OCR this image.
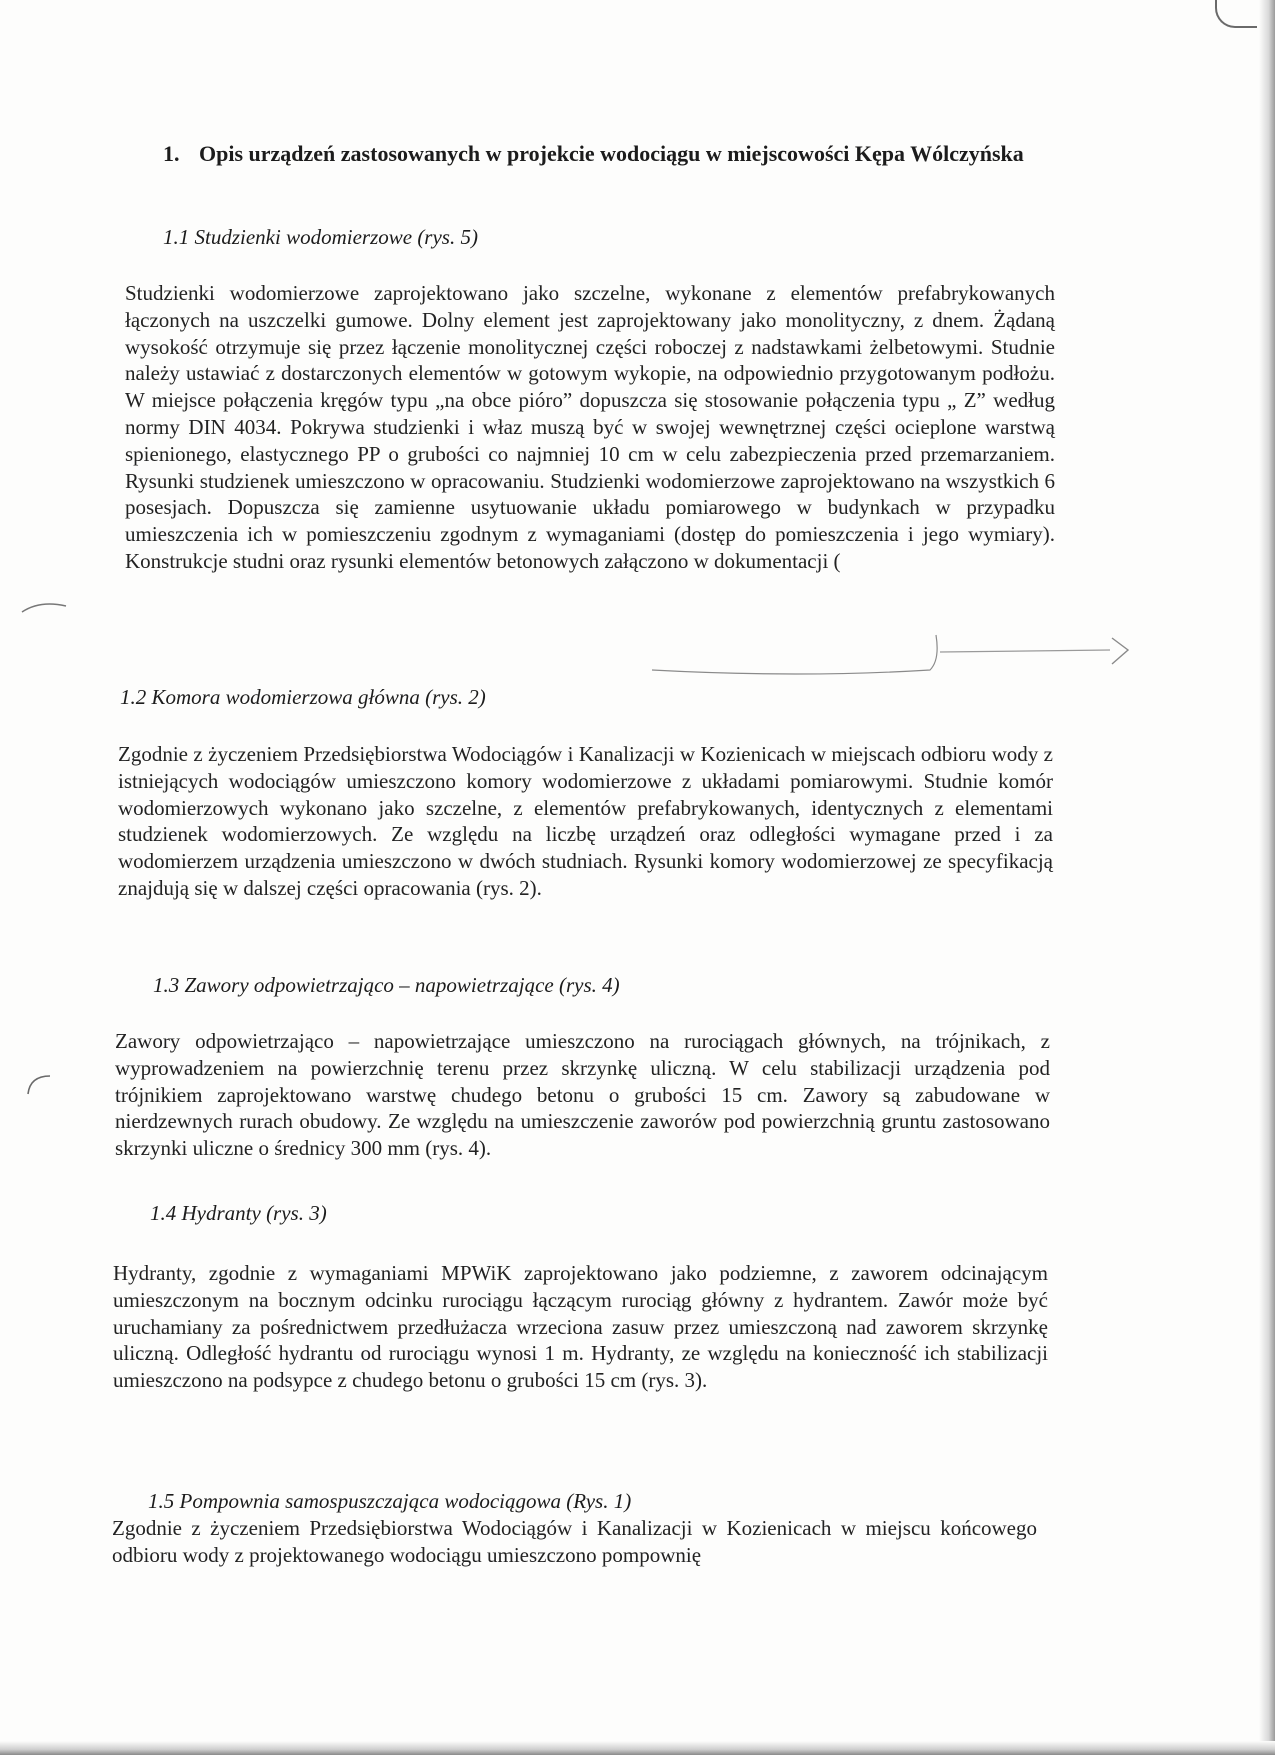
1. Opis urządzeń zastosowanych w projekcie wodociągu w miejscowości Kępa Wólczyńska
1.1 Studzienki wodomierzowe (rys. 5)
Studzienki wodomierzowe zaprojektowano jako szczelne, wykonane z elementów prefabrykowanych łączonych na uszczelki gumowe. Dolny element jest zaprojektowany jako monolityczny, z dnem. Żądaną wysokość otrzymuje się przez łączenie monolitycznej części roboczej z nadstawkami żelbetowymi. Studnie należy ustawiać z dostarczonych elementów w gotowym wykopie, na odpowiednio przygotowanym podłożu. W miejsce połączenia kręgów typu „na obce pióro” dopuszcza się stosowanie połączenia typu „ Z” według normy DIN 4034. Pokrywa studzienki i właz muszą być w swojej wewnętrznej części ocieplone warstwą spienionego, elastycznego PP o grubości co najmniej 10 cm w celu zabezpieczenia przed przemarzaniem. Rysunki studzienek umieszczono w opracowaniu. Studzienki wodomierzowe zaprojektowano na wszystkich 6 posesjach. Dopuszcza się zamienne usytuowanie układu pomiarowego w budynkach w przypadku umieszczenia ich w pomieszczeniu zgodnym z wymaganiami (dostęp do pomieszczenia i jego wymiary). Konstrukcje studni oraz rysunki elementów betonowych załączono w dokumentacji (
1.2 Komora wodomierzowa główna (rys. 2)
Zgodnie z życzeniem Przedsiębiorstwa Wodociągów i Kanalizacji w Kozienicach w miejscach odbioru wody z istniejących wodociągów umieszczono komory wodomierzowe z układami pomiarowymi. Studnie komór wodomierzowych wykonano jako szczelne, z elementów prefabrykowanych, identycznych z elementami studzienek wodomierzowych. Ze względu na liczbę urządzeń oraz odległości wymagane przed i za wodomierzem urządzenia umieszczono w dwóch studniach. Rysunki komory wodomierzowej ze specyfikacją znajdują się w dalszej części opracowania (rys. 2).
1.3 Zawory odpowietrzająco – napowietrzające (rys. 4)
Zawory odpowietrzająco – napowietrzające umieszczono na rurociągach głównych, na trójnikach, z wyprowadzeniem na powierzchnię terenu przez skrzynkę uliczną. W celu stabilizacji urządzenia pod trójnikiem zaprojektowano warstwę chudego betonu o grubości 15 cm. Zawory są zabudowane w nierdzewnych rurach obudowy. Ze względu na umieszczenie zaworów pod powierzchnią gruntu zastosowano skrzynki uliczne o średnicy 300 mm (rys. 4).
1.4 Hydranty (rys. 3)
Hydranty, zgodnie z wymaganiami MPWiK zaprojektowano jako podziemne, z zaworem odcinającym umieszczonym na bocznym odcinku rurociągu łączącym rurociąg główny z hydrantem. Zawór może być uruchamiany za pośrednictwem przedłużacza wrzeciona zasuw przez umieszczoną nad zaworem skrzynkę uliczną. Odległość hydrantu od rurociągu wynosi 1 m. Hydranty, ze względu na konieczność ich stabilizacji umieszczono na podsypce z chudego betonu o grubości 15 cm (rys. 3).
1.5 Pompownia samospuszczająca wodociągowa (Rys. 1)
Zgodnie z życzeniem Przedsiębiorstwa Wodociągów i Kanalizacji w Kozienicach w miejscu końcowego odbioru wody z projektowanego wodociągu umieszczono pompownię
